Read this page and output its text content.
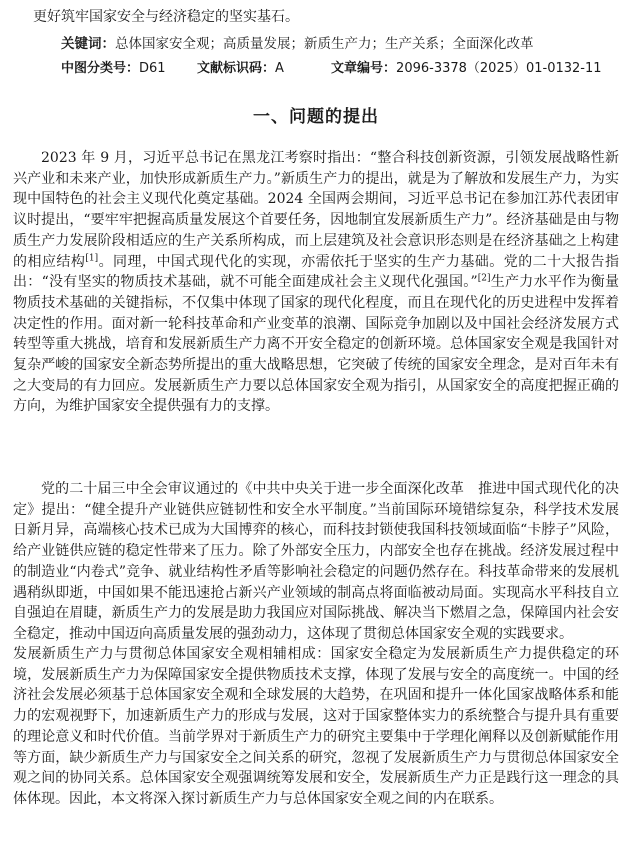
更好筑牢国家安全与经济稳定的坚实基石。
关键词：总体国家安全观；高质量发展；新质生产力；生产关系；全面深化改革
中图分类号：D61 文献标识码：A	文章编号：2096-3378（2025）01-0132-11
一、问题的提出
2023 年 9 月，习近平总书记在黑龙江考察时指出：“整合科技创新资源，引领发展战略性新兴产业和未来产业，加快形成新质生产力。”新质生产力的提出，就是为了解放和发展生产力，为实现中国特色的社会主义现代化奠定基础。2024 全国两会期间，习近平总书记在参加江苏代表团审议时提出，“要牢牢把握高质量发展这个首要任务，因地制宜发展新质生产力”。经济基础是由与物质生产力发展阶段相适应的生产关系所构成，而上层建筑及社会意识形态则是在经济基础之上构建的相应结构[1]。同理，中国式现代化的实现，亦需依托于坚实的生产力基础。党的二十大报告指出：“没有坚实的物质技术基础，就不可能全面建成社会主义现代化强国。”[2]生产力水平作为衡量物质技术基础的关键指标，不仅集中体现了国家的现代化程度，而且在现代化的历史进程中发挥着决定性的作用。面对新一轮科技革命和产业变革的浪潮、国际竞争加剧以及中国社会经济发展方式转型等重大挑战，培育和发展新质生产力离不开安全稳定的创新环境。总体国家安全观是我国针对复杂严峻的国家安全新态势所提出的重大战略思想，它突破了传统的国家安全理念，是对百年未有之大变局的有力回应。发展新质生产力要以总体国家安全观为指引，从国家安全的高度把握正确的方向，为维护国家安全提供强有力的支撑。
党的二十届三中全会审议通过的《中共中央关于进一步全面深化改革　推进中国式现代化的决定》提出：“健全提升产业链供应链韧性和安全水平制度。”当前国际环境错综复杂，科学技术发展日新月异，高端核心技术已成为大国博弈的核心，而科技封锁使我国科技领域面临“卡脖子”风险，给产业链供应链的稳定性带来了压力。除了外部安全压力，内部安全也存在挑战。经济发展过程中的制造业“内卷式”竞争、就业结构性矛盾等影响社会稳定的问题仍然存在。科技革命带来的发展机遇稍纵即逝，中国如果不能迅速抢占新兴产业领域的制高点将面临被动局面。实现高水平科技自立自强迫在眉睫，新质生产力的发展是助力我国应对国际挑战、解决当下燃眉之急，保障国内社会安全稳定，推动中国迈向高质量发展的强劲动力，这体现了贯彻总体国家安全观的实践要求。
发展新质生产力与贯彻总体国家安全观相辅相成：国家安全稳定为发展新质生产力提供稳定的环境，发展新质生产力为保障国家安全提供物质技术支撑，体现了发展与安全的高度统一。中国的经济社会发展必须基于总体国家安全观和全球发展的大趋势，在巩固和提升一体化国家战略体系和能力的宏观视野下，加速新质生产力的形成与发展，这对于国家整体实力的系统整合与提升具有重要的理论意义和时代价值。当前学界对于新质生产力的研究主要集中于学理化阐释以及创新赋能作用等方面，缺少新质生产力与国家安全之间关系的研究，忽视了发展新质生产力与贯彻总体国家安全观之间的协同关系。总体国家安全观强调统筹发展和安全，发展新质生产力正是践行这一理念的具体体现。因此，本文将深入探讨新质生产力与总体国家安全观之间的内在联系。
